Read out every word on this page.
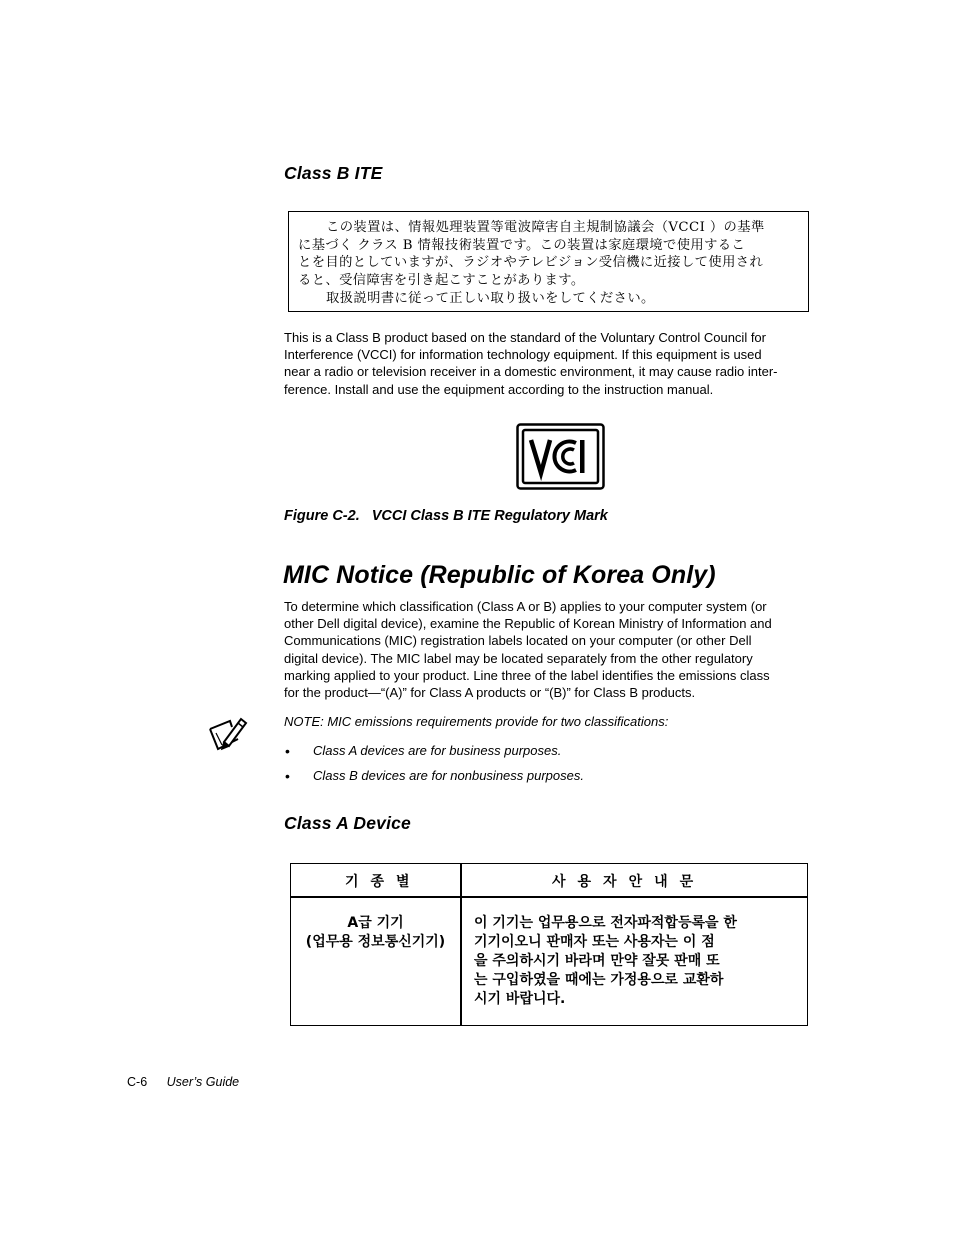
Class B ITE
この装置は、情報処理装置等電波障害自主規制協議会（VCCI ）の基準
に基づく クラス B 情報技術装置です。この装置は家庭環境で使用するこ
とを目的としていますが、ラジオやテレビジョン受信機に近接して使用され
ると、受信障害を引き起こすことがあります。
取扱説明書に従って正しい取り扱いをしてください。
This is a Class B product based on the standard of the Voluntary Control Council for
Interference (VCCI) for information technology equipment. If this equipment is used
near a radio or television receiver in a domestic environment, it may cause radio inter-
ference. Install and use the equipment according to the instruction manual.
Figure C-2. VCCI Class B ITE Regulatory Mark
MIC Notice (Republic of Korea Only)
To determine which classification (Class A or B) applies to your computer system (or
other Dell digital device), examine the Republic of Korean Ministry of Information and
Communications (MIC) registration labels located on your computer (or other Dell
digital device). The MIC label may be located separately from the other regulatory
marking applied to your product. Line three of the label identifies the emissions class
for the product—“(A)” for Class A products or “(B)” for Class B products.
NOTE: MIC emissions requirements provide for two classifications:
• Class A devices are for business purposes.
• Class B devices are for nonbusiness purposes.
Class A Device
기종별	사용자안내문
A급 기기
(업무용 정보통신기기)
이 기기는 업무용으로 전자파적합등록을 한
기기이오니 판매자 또는 사용자는 이 점
을 주의하시기 바라며 만약 잘못 판매 또
는 구입하였을 때에는 가정용으로 교환하
시기 바랍니다.
C-6 User’s Guide
